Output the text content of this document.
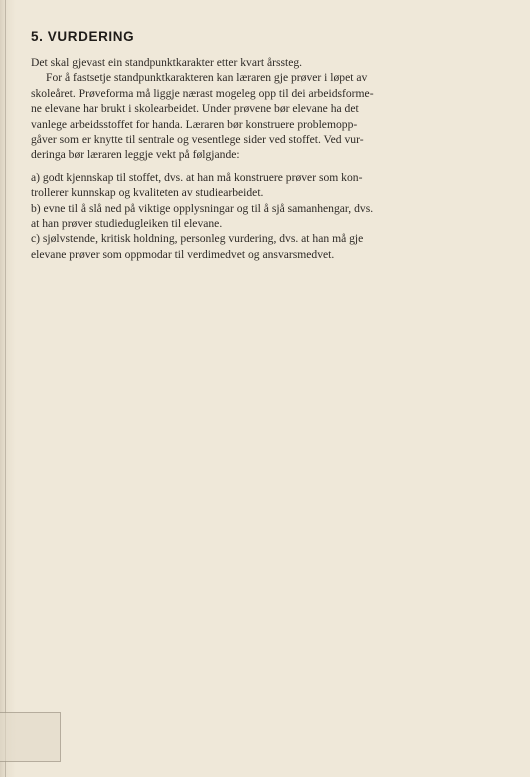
5. VURDERING
Det skal gjevast ein standpunktkarakter etter kvart årssteg.
For å fastsetje standpunktkarakteren kan læraren gje prøver i løpet av
skoleåret. Prøveforma må liggje nærast mogeleg opp til dei arbeidsforme-
ne elevane har brukt i skolearbeidet. Under prøvene bør elevane ha det
vanlege arbeidsstoffet for handa. Læraren bør konstruere problemopp-
gåver som er knytte til sentrale og vesentlege sider ved stoffet. Ved vur-
deringa bør læraren leggje vekt på følgjande:
a) godt kjennskap til stoffet, dvs. at han må konstruere prøver som kon-
trollerer kunnskap og kvaliteten av studiearbeidet.
b) evne til å slå ned på viktige opplysningar og til å sjå samanhengar, dvs.
at han prøver studiedugleiken til elevane.
c) sjølvstende, kritisk holdning, personleg vurdering, dvs. at han må gje
elevane prøver som oppmodar til verdimedvet og ansvarsmedvet.
